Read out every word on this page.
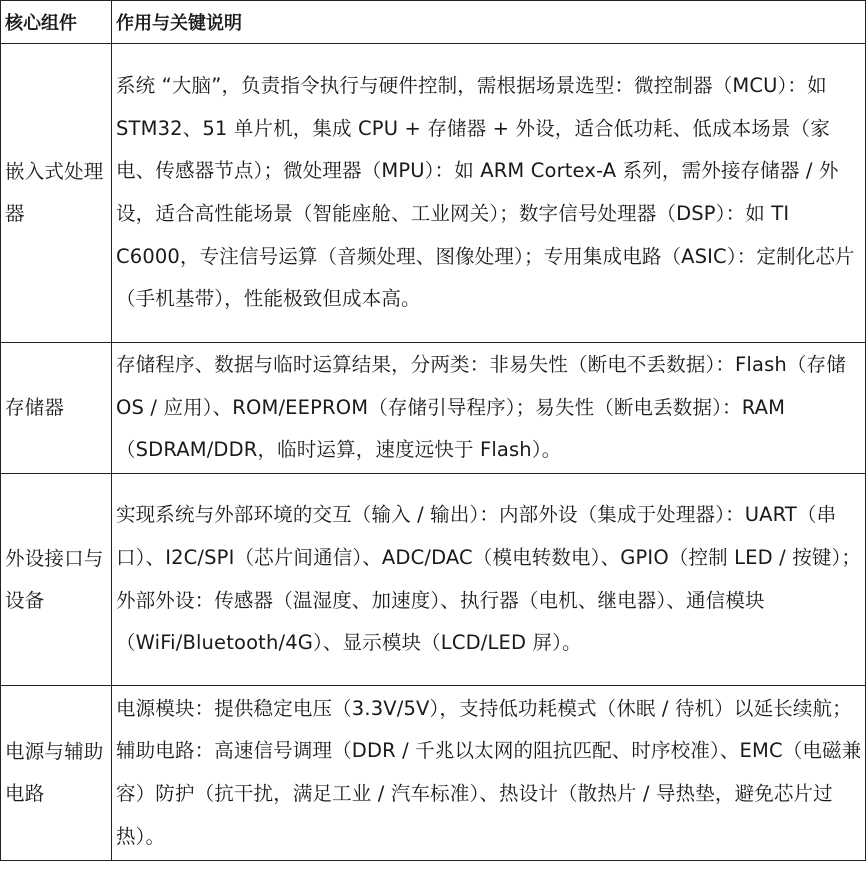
核心组件	作用与关键说明
嵌入式处理器	系统 “大脑”，负责指令执行与硬件控制，需根据场景选型：微控制器（MCU）：如 STM32、51 单片机，集成 CPU + 存储器 + 外设，适合低功耗、低成本场景（家电、传感器节点）；微处理器（MPU）：如 ARM Cortex-A 系列，需外接存储器 / 外设，适合高性能场景（智能座舱、工业网关）；数字信号处理器（DSP）：如 TI C6000，专注信号运算（音频处理、图像处理）；专用集成电路（ASIC）：定制化芯片（手机基带），性能极致但成本高。
存储器	存储程序、数据与临时运算结果，分两类：非易失性（断电不丢数据）：Flash（存储 OS / 应用）、ROM/EEPROM（存储引导程序）；易失性（断电丢数据）：RAM（SDRAM/DDR，临时运算，速度远快于 Flash）。
外设接口与设备	实现系统与外部环境的交互（输入 / 输出）：内部外设（集成于处理器）：UART（串口）、I2C/SPI（芯片间通信）、ADC/DAC（模电转数电）、GPIO（控制 LED / 按键）；外部外设：传感器（温湿度、加速度）、执行器（电机、继电器）、通信模块（WiFi/Bluetooth/4G）、显示模块（LCD/LED 屏）。
电源与辅助电路	电源模块：提供稳定电压（3.3V/5V），支持低功耗模式（休眠 / 待机）以延长续航；辅助电路：高速信号调理（DDR / 千兆以太网的阻抗匹配、时序校准）、EMC（电磁兼容）防护（抗干扰，满足工业 / 汽车标准）、热设计（散热片 / 导热垫，避免芯片过热）。
